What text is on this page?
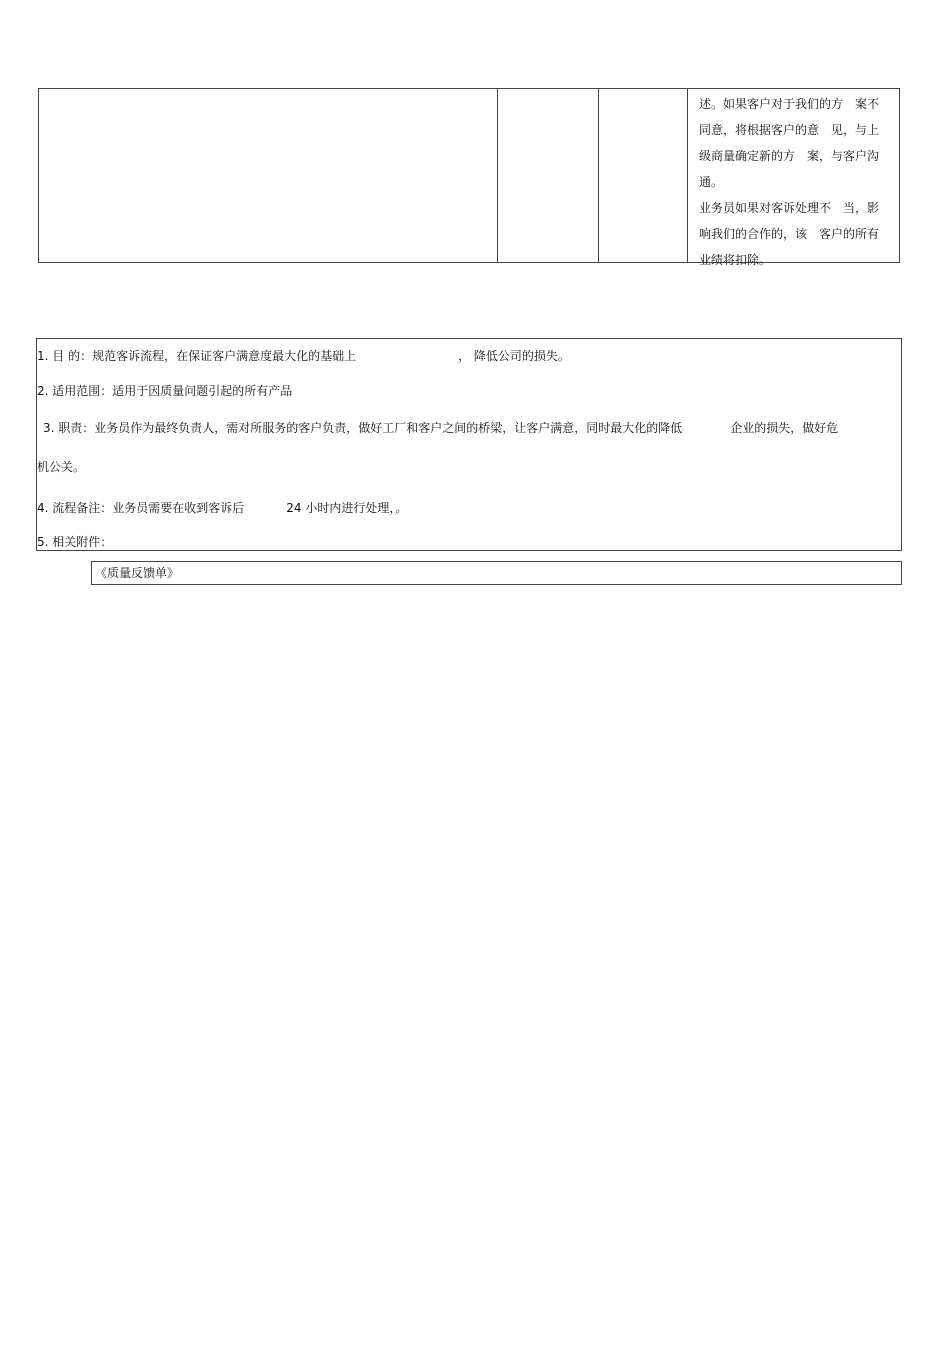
述。如果客户对于我们的方　案不

同意，将根据客户的意　见，与上

级商量确定新的方　案，与客户沟

通。

业务员如果对客诉处理不　当，影

响我们的合作的，该　客户的所有

业绩将扣除。

1. 目 的：规范客诉流程，在保证客户满意度最大化的基础上	， 降低公司的损失。
2. 适用范围：适用于因质量问题引起的所有产品
3. 职责：业务员作为最终负责人，需对所服务的客户负责，做好工厂和客户之间的桥梁，让客户满意，同时最大化的降低	企业的损失，做好危
机公关。
4. 流程备注：业务员需要在收到客诉后	24 小时内进行处理，。
5. 相关附件：
《质量反馈单》
